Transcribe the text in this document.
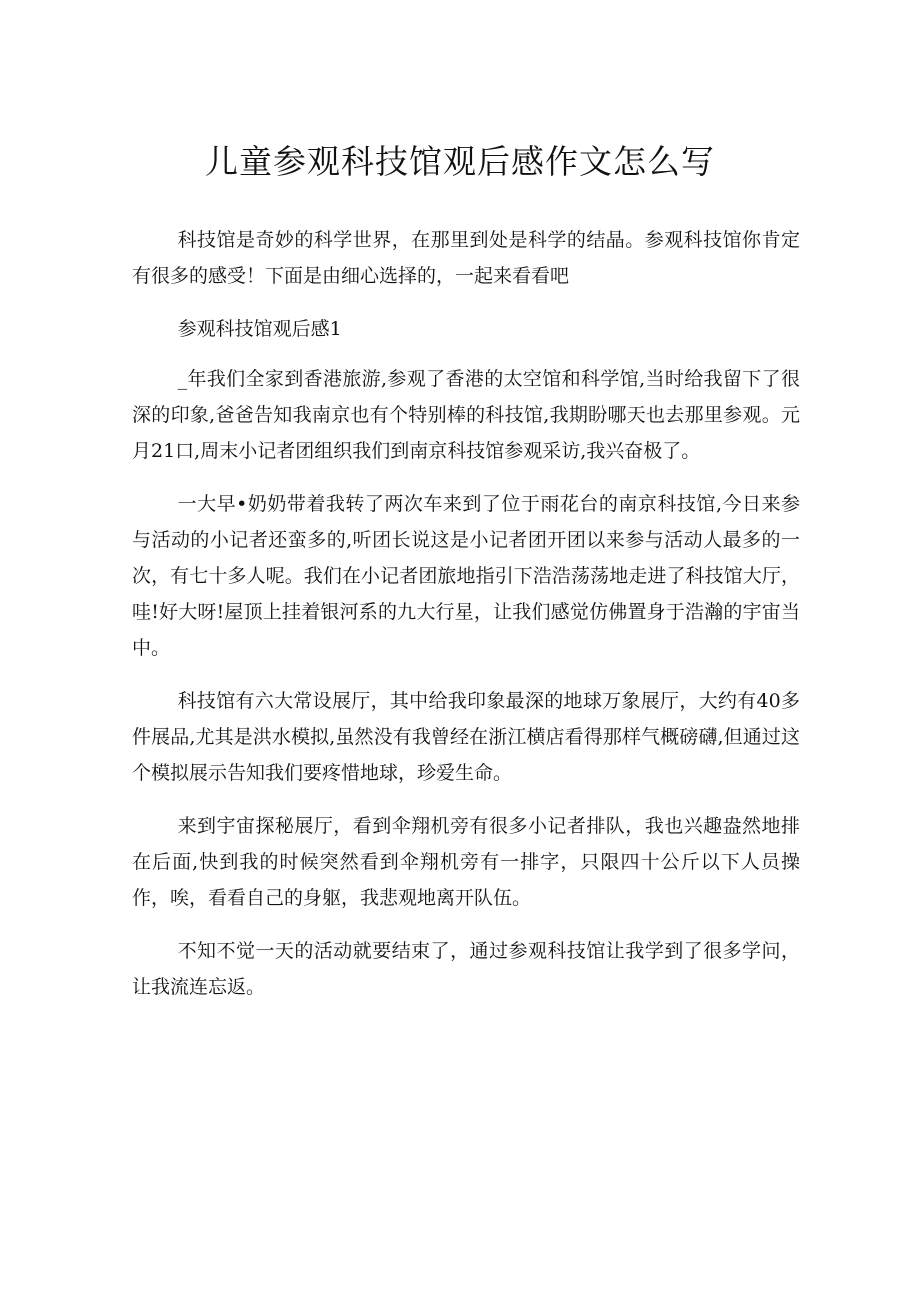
儿童参观科技馆观后感作文怎么写

科技馆是奇妙的科学世界，在那里到处是科学的结晶。参观科技馆你肯定有很多的感受！下面是由细心选择的，一起来看看吧

参观科技馆观后感1

_年我们全家到香港旅游,参观了香港的太空馆和科学馆,当时给我留下了很深的印象,爸爸告知我南京也有个特别棒的科技馆,我期盼哪天也去那里参观。元月21口,周末小记者团组织我们到南京科技馆参观采访,我兴奋极了。

一大早•奶奶带着我转了两次车来到了位于雨花台的南京科技馆,今日来参与活动的小记者还蛮多的,听团长说这是小记者团开团以来参与活动人最多的一次，有七十多人呢。我们在小记者团旅地指引下浩浩荡荡地走进了科技馆大厅，哇!好大呀!屋顶上挂着银河系的九大行星，让我们感觉仿佛置身于浩瀚的宇宙当中。

科技馆有六大常设展厅，其中给我印象最深的地球万象展厅，大约有40多件展品,尤其是洪水模拟,虽然没有我曾经在浙江横店看得那样气概磅礴,但通过这个模拟展示告知我们要疼惜地球，珍爱生命。

来到宇宙探秘展厅，看到伞翔机旁有很多小记者排队，我也兴趣盎然地排在后面,快到我的时候突然看到伞翔机旁有一排字，只限四十公斤以下人员操作，唉，看看自己的身躯，我悲观地离开队伍。

不知不觉一天的活动就要结束了，通过参观科技馆让我学到了很多学问，让我流连忘返。
